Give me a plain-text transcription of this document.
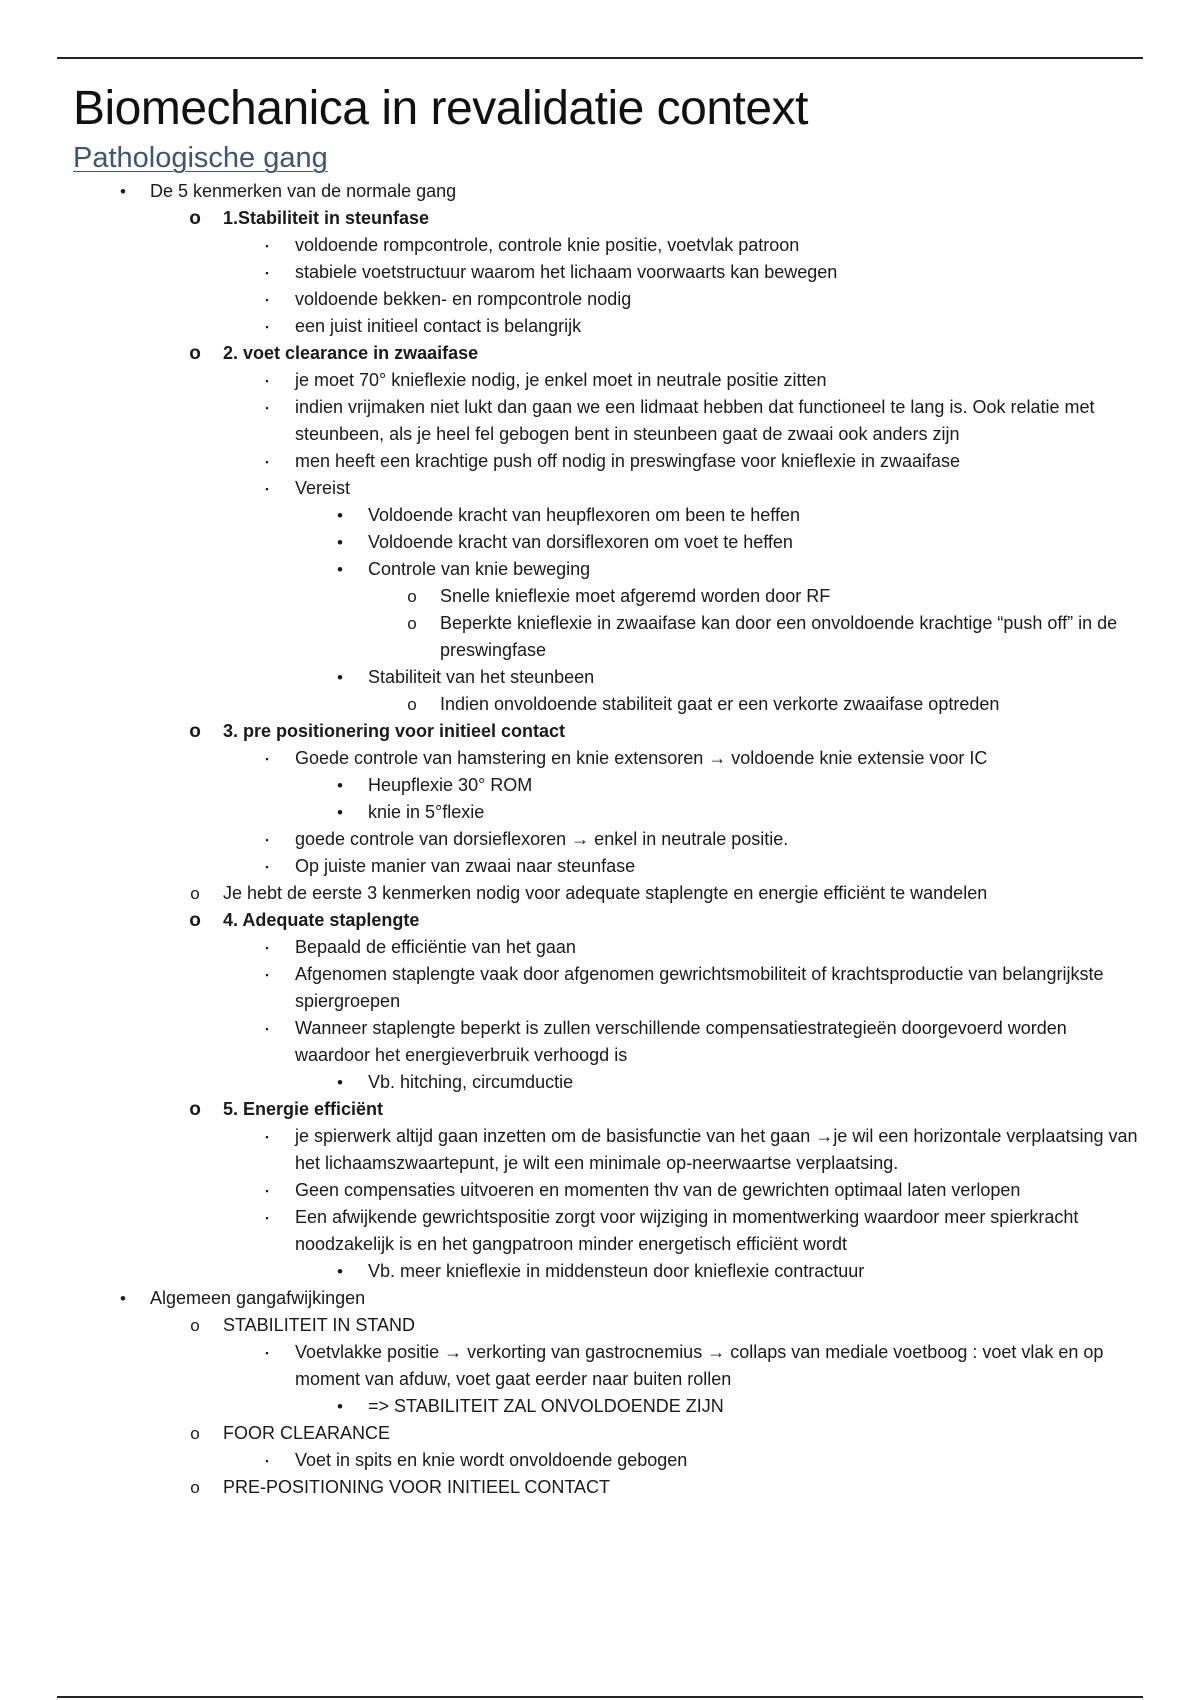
Biomechanica in revalidatie context
Pathologische gang
•	De 5 kenmerken van de normale gang
o 1.Stabiliteit in steunfase
▪	voldoende rompcontrole, controle knie positie, voetvlak patroon
▪	stabiele voetstructuur waarom het lichaam voorwaarts kan bewegen
▪	voldoende bekken- en rompcontrole nodig
▪	een juist initieel contact is belangrijk
o 2. voet clearance in zwaaifase
▪	je moet 70° knieflexie nodig, je enkel moet in neutrale positie zitten
▪	indien vrijmaken niet lukt dan gaan we een lidmaat hebben dat functioneel te lang is. Ook relatie met steunbeen, als je heel fel gebogen bent in steunbeen gaat de zwaai ook anders zijn
▪	men heeft een krachtige push off nodig in preswingfase voor knieflexie in zwaaifase
▪	Vereist
•	Voldoende kracht van heupflexoren om been te heffen
•	Voldoende kracht van dorsiflexoren om voet te heffen
•	Controle van knie beweging
o Snelle knieflexie moet afgeremd worden door RF
o Beperkte knieflexie in zwaaifase kan door een onvoldoende krachtige “push off” in de preswingfase
•	Stabiliteit van het steunbeen
o Indien onvoldoende stabiliteit gaat er een verkorte zwaaifase optreden
o 3. pre positionering voor initieel contact
▪	Goede controle van hamstering en knie extensoren → voldoende knie extensie voor IC
•	Heupflexie 30° ROM
•	knie in 5°flexie
▪	goede controle van dorsieflexoren → enkel in neutrale positie.
▪	Op juiste manier van zwaai naar steunfase
o Je hebt de eerste 3 kenmerken nodig voor adequate staplengte en energie efficiënt te wandelen
o 4. Adequate staplengte
▪	Bepaald de efficiëntie van het gaan
▪	Afgenomen staplengte vaak door afgenomen gewrichtsmobiliteit of krachtsproductie van belangrijkste spiergroepen
▪	Wanneer staplengte beperkt is zullen verschillende compensatiestrategieën doorgevoerd worden waardoor het energieverbruik verhoogd is
•	Vb. hitching, circumductie
o 5. Energie efficiënt
▪	je spierwerk altijd gaan inzetten om de basisfunctie van het gaan →je wil een horizontale verplaatsing van het lichaamszwaartepunt, je wilt een minimale op-neerwaartse verplaatsing.
▪	Geen compensaties uitvoeren en momenten thv van de gewrichten optimaal laten verlopen
▪	Een afwijkende gewrichtspositie zorgt voor wijziging in momentwerking waardoor meer spierkracht noodzakelijk is en het gangpatroon minder energetisch efficiënt wordt
•	Vb. meer knieflexie in middensteun door knieflexie contractuur
•	Algemeen gangafwijkingen
o STABILITEIT IN STAND
▪	Voetvlakke positie → verkorting van gastrocnemius → collaps van mediale voetboog : voet vlak en op moment van afduw, voet gaat eerder naar buiten rollen
•	=> STABILITEIT ZAL ONVOLDOENDE ZIJN
o FOOR CLEARANCE
▪	Voet in spits en knie wordt onvoldoende gebogen
o PRE-POSITIONING VOOR INITIEEL CONTACT
